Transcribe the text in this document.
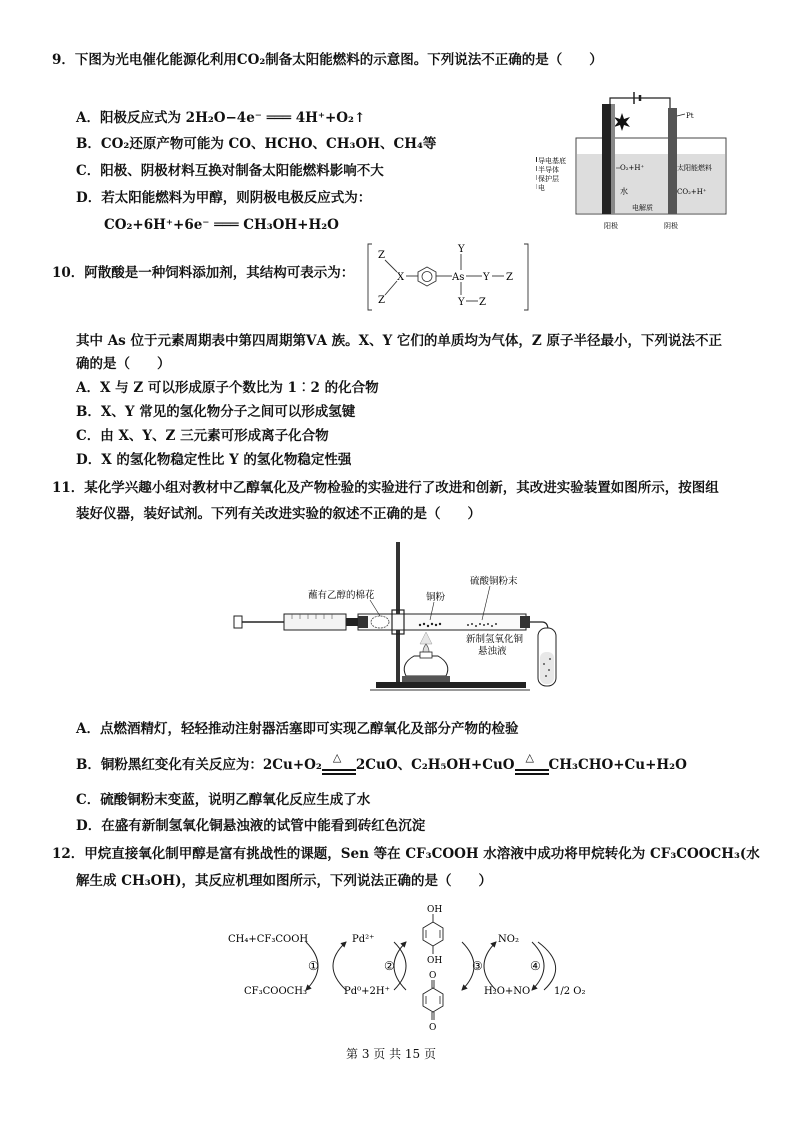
9．下图为光电催化能源化利用CO₂制备太阳能燃料的示意图。下列说法不正确的是（　　）
A．阳极反应式为 2H₂O−4e⁻ ═══ 4H⁺+O₂↑
B．CO₂还原产物可能为 CO、HCHO、CH₃OH、CH₄等
C．阳极、阴极材料互换对制备太阳能燃料影响不大
D．若太阳能燃料为甲醇，则阴极电极反应式为：
CO₂+6H⁺+6e⁻ ═══ CH₃OH+H₂O
Pt
导电基底
半导体
保护层
电
O₂+H⁺
水
太阳能燃料
CO₂+H⁺
电解质
阳极	阴极
10．阿散酸是一种饲料添加剂，其结构可表示为：
Z
X
Z
As
Y
Y Z
Y Z
其中 As 位于元素周期表中第四周期第ⅤA 族。X、Y 它们的单质均为气体，Z 原子半径最小，下列说法不正
确的是（　　）
A．X 与 Z 可以形成原子个数比为 1︰2 的化合物
B．X、Y 常见的氢化物分子之间可以形成氢键
C．由 X、Y、Z 三元素可形成离子化合物
D．X 的氢化物稳定性比 Y 的氢化物稳定性强
11．某化学兴趣小组对教材中乙醇氧化及产物检验的实验进行了改进和创新，其改进实验装置如图所示，按图组
装好仪器，装好试剂。下列有关改进实验的叙述不正确的是（　　）
蘸有乙醇的棉花	铜粉
硫酸铜粉末
新制氢氧化铜
悬浊液
A．点燃酒精灯，轻轻推动注射器活塞即可实现乙醇氧化及部分产物的检验
B．铜粉黑红变化有关反应为：2Cu+O₂ △ 2CuO、C₂H₅OH+CuO △ CH₃CHO+Cu+H₂O
C．硫酸铜粉末变蓝，说明乙醇氧化反应生成了水
D．在盛有新制氢氧化铜悬浊液的试管中能看到砖红色沉淀
12．甲烷直接氧化制甲醇是富有挑战性的课题，Sen 等在 CF₃COOH 水溶液中成功将甲烷转化为 CF₃COOCH₃(水
解生成 CH₃OH)，其反应机理如图所示，下列说法正确的是（　　）
CH₄+CF₃COOH
CF₃COOCH₃
①
Pd²⁺
Pd⁰+2H⁺
②
OH
OH
O
O
③
NO₂
H₂O+NO
④
1/2 O₂
第 3 页 共 15 页
